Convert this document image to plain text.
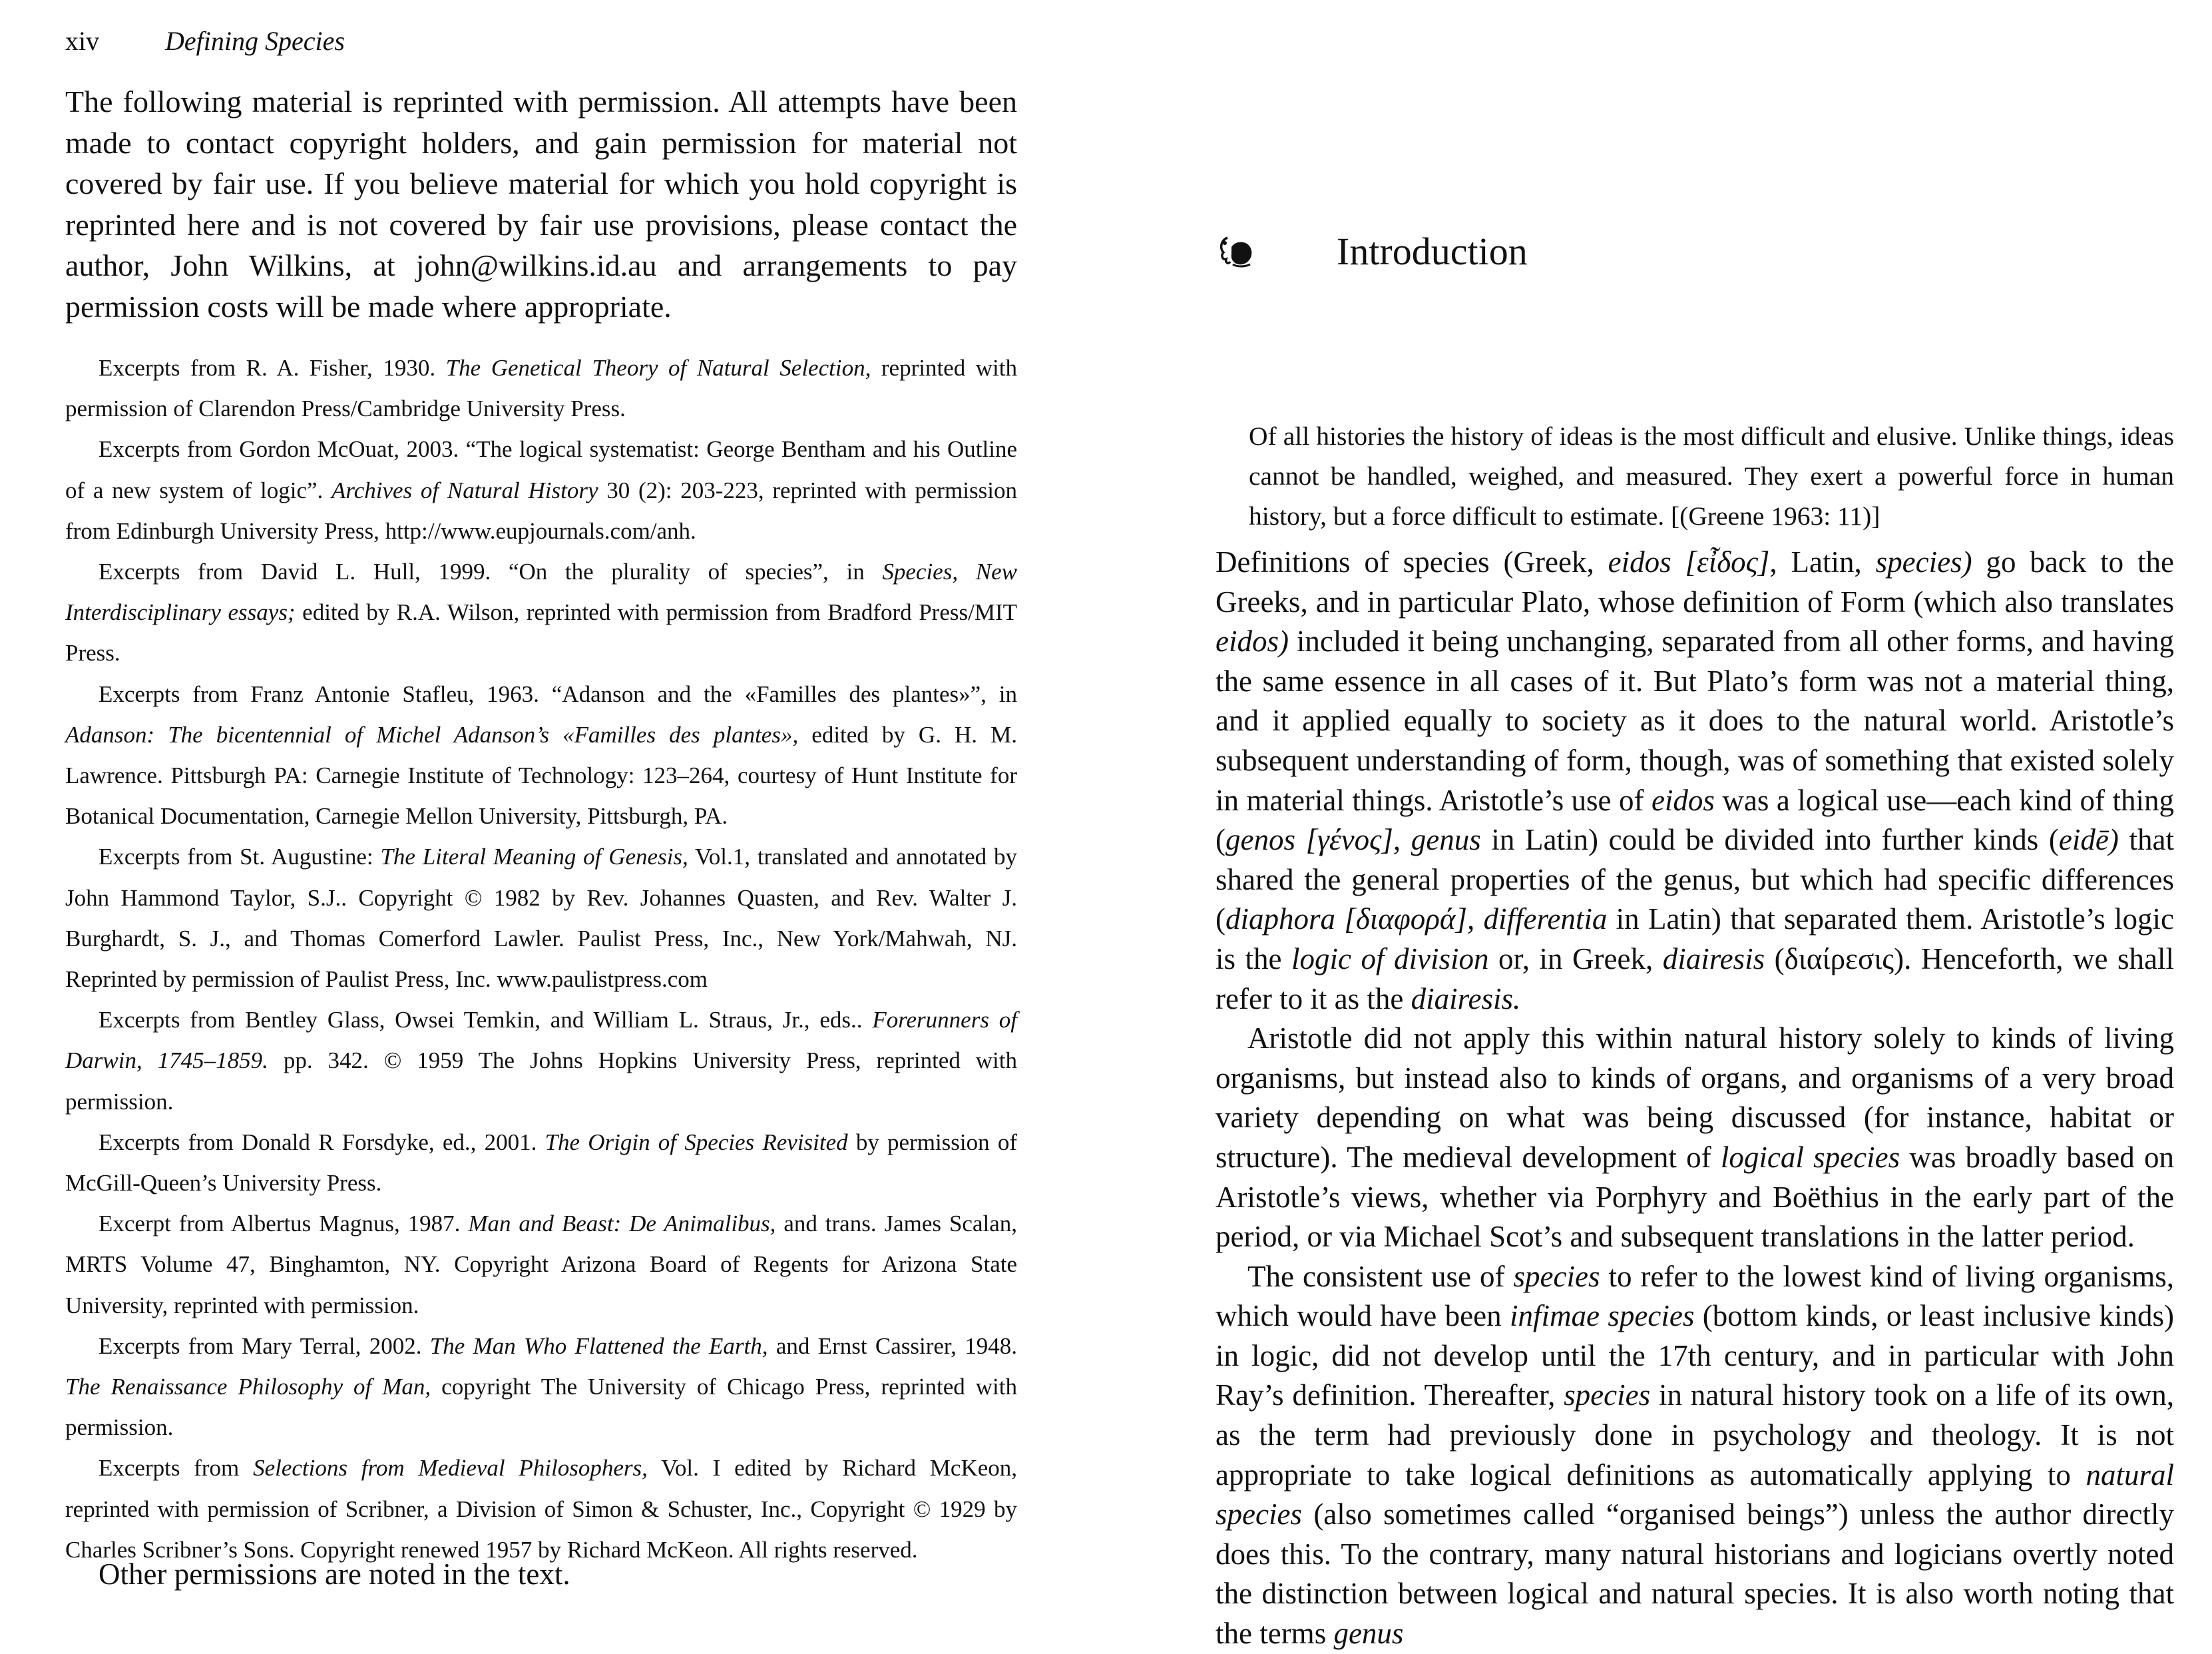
xiv Defining Species

The following material is reprinted with permission. All attempts have been made to contact copyright holders, and gain permission for material not covered by fair use. If you believe material for which you hold copyright is reprinted here and is not covered by fair use provisions, please contact the author, John Wilkins, at john@wilkins.id.au and arrangements to pay permission costs will be made where appropriate.

Excerpts from R. A. Fisher, 1930. The Genetical Theory of Natural Selection, reprinted with permission of Clarendon Press/Cambridge University Press.
Excerpts from Gordon McOuat, 2003. “The logical systematist: George Bentham and his Outline of a new system of logic”. Archives of Natural History 30 (2): 203-223, reprinted with permission from Edinburgh University Press, http://www.eupjournals.com/anh.
Excerpts from David L. Hull, 1999. “On the plurality of species”, in Species, New Interdisciplinary essays; edited by R.A. Wilson, reprinted with permission from Bradford Press/MIT Press.
Excerpts from Franz Antonie Stafleu, 1963. “Adanson and the «Familles des plantes»”, in Adanson: The bicentennial of Michel Adanson’s «Familles des plantes», edited by G. H. M. Lawrence. Pittsburgh PA: Carnegie Institute of Technology: 123–264, courtesy of Hunt Institute for Botanical Documentation, Carnegie Mellon University, Pittsburgh, PA.
Excerpts from St. Augustine: The Literal Meaning of Genesis, Vol.1, translated and annotated by John Hammond Taylor, S.J.. Copyright © 1982 by Rev. Johannes Quasten, and Rev. Walter J. Burghardt, S. J., and Thomas Comerford Lawler. Paulist Press, Inc., New York/Mahwah, NJ. Reprinted by permission of Paulist Press, Inc. www.paulistpress.com
Excerpts from Bentley Glass, Owsei Temkin, and William L. Straus, Jr., eds.. Forerunners of Darwin, 1745–1859. pp. 342. © 1959 The Johns Hopkins University Press, reprinted with permission.
Excerpts from Donald R Forsdyke, ed., 2001. The Origin of Species Revisited by permission of McGill-Queen’s University Press.
Excerpt from Albertus Magnus, 1987. Man and Beast: De Animalibus, and trans. James Scalan, MRTS Volume 47, Binghamton, NY. Copyright Arizona Board of Regents for Arizona State University, reprinted with permission.
Excerpts from Mary Terral, 2002. The Man Who Flattened the Earth, and Ernst Cassirer, 1948. The Renaissance Philosophy of Man, copyright The University of Chicago Press, reprinted with permission.
Excerpts from Selections from Medieval Philosophers, Vol. I edited by Richard McKeon, reprinted with permission of Scribner, a Division of Simon & Schuster, Inc., Copyright © 1929 by Charles Scribner’s Sons. Copyright renewed 1957 by Richard McKeon. All rights reserved.

Other permissions are noted in the text.

Introduction

Of all histories the history of ideas is the most difficult and elusive. Unlike things, ideas cannot be handled, weighed, and measured. They exert a powerful force in human history, but a force difficult to estimate. [(Greene 1963: 11)]

Definitions of species (Greek, eidos [εἶδος], Latin, species) go back to the Greeks, and in particular Plato, whose definition of Form (which also translates eidos) included it being unchanging, separated from all other forms, and having the same essence in all cases of it. But Plato’s form was not a material thing, and it applied equally to society as it does to the natural world. Aristotle’s subsequent understanding of form, though, was of something that existed solely in material things. Aristotle’s use of eidos was a logical use—each kind of thing (genos [γένος], genus in Latin) could be divided into further kinds (eidē) that shared the general properties of the genus, but which had specific differences (diaphora [διαφορά], differentia in Latin) that separated them. Aristotle’s logic is the logic of division or, in Greek, diairesis (διαίρεσις). Henceforth, we shall refer to it as the diairesis.

Aristotle did not apply this within natural history solely to kinds of living organisms, but instead also to kinds of organs, and organisms of a very broad variety depending on what was being discussed (for instance, habitat or structure). The medieval development of logical species was broadly based on Aristotle’s views, whether via Porphyry and Boëthius in the early part of the period, or via Michael Scot’s and subsequent translations in the latter period.

The consistent use of species to refer to the lowest kind of living organisms, which would have been infimae species (bottom kinds, or least inclusive kinds) in logic, did not develop until the 17th century, and in particular with John Ray’s definition. Thereafter, species in natural history took on a life of its own, as the term had previously done in psychology and theology. It is not appropriate to take logical definitions as automatically applying to natural species (also sometimes called “organised beings”) unless the author directly does this. To the contrary, many natural historians and logicians overtly noted the distinction between logical and natural species. It is also worth noting that the terms genus
